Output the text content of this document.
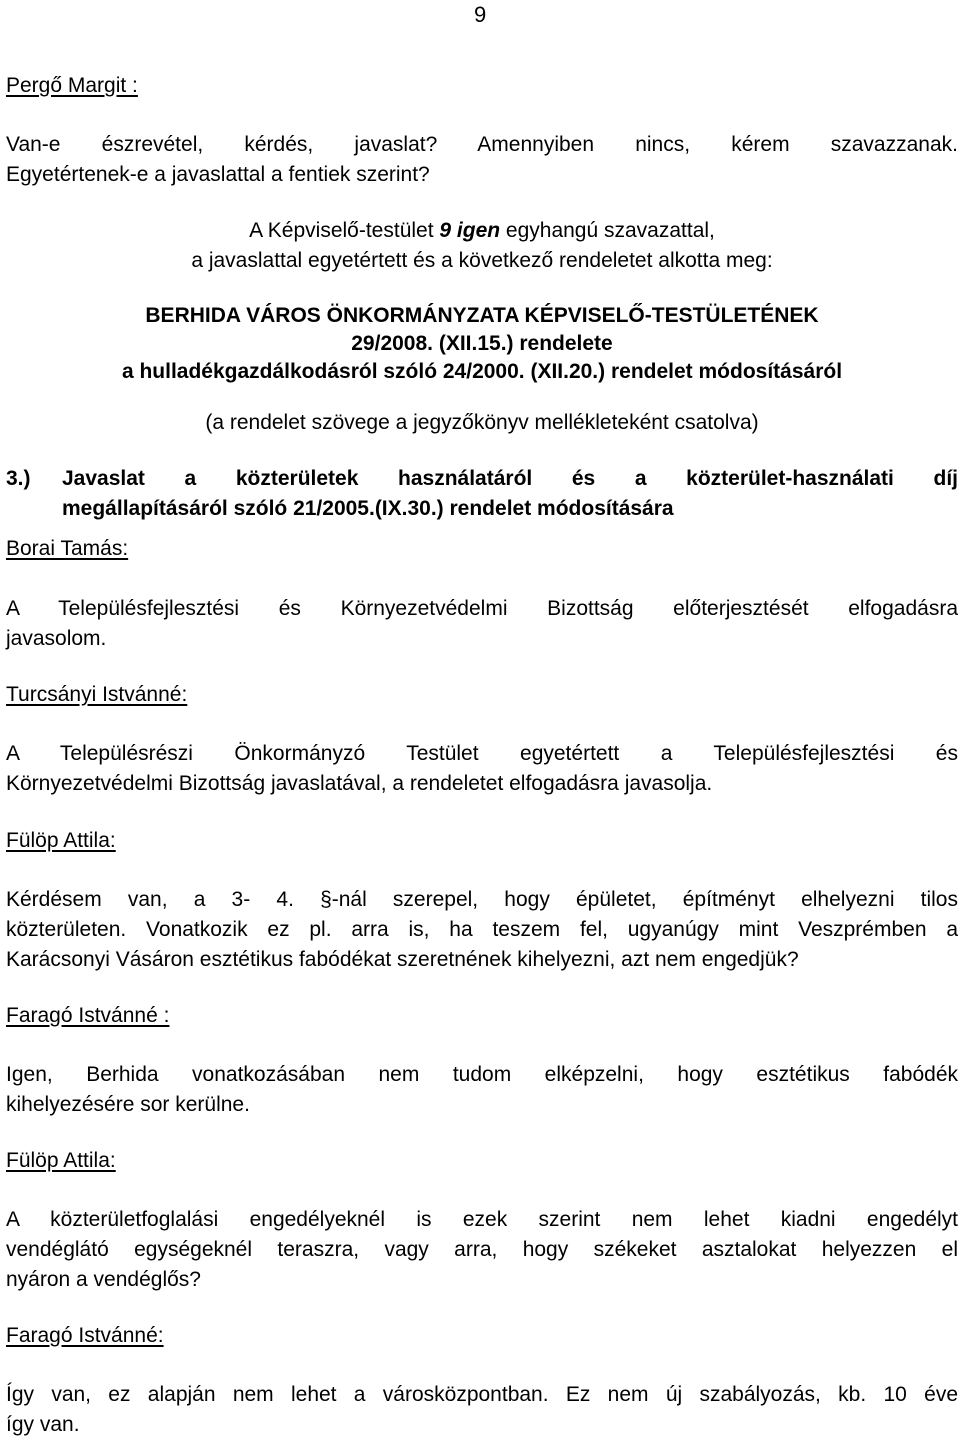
9
Pergő Margit :
Van-e észrevétel, kérdés, javaslat? Amennyiben nincs, kérem szavazzanak.
Egyetértenek-e a javaslattal a fentiek szerint?
A Képviselő-testület 9 igen egyhangú szavazattal,
a javaslattal egyetértett és a következő rendeletet alkotta meg:
BERHIDA VÁROS ÖNKORMÁNYZATA KÉPVISELŐ-TESTÜLETÉNEK
29/2008. (XII.15.) rendelete
a hulladékgazdálkodásról szóló 24/2000. (XII.20.) rendelet módosításáról
(a rendelet szövege a jegyzőkönyv mellékleteként csatolva)
3.) Javaslat a közterületek használatáról és a közterület-használati díj
megállapításáról szóló 21/2005.(IX.30.) rendelet módosítására
Borai Tamás:
A Településfejlesztési és Környezetvédelmi Bizottság előterjesztését elfogadásra
javasolom.
Turcsányi Istvánné:
A Településrészi Önkormányzó Testület egyetértett a Településfejlesztési és
Környezetvédelmi Bizottság javaslatával, a rendeletet elfogadásra javasolja.
Fülöp Attila:
Kérdésem van, a 3- 4. §-nál szerepel, hogy épületet, építményt elhelyezni tilos
közterületen. Vonatkozik ez pl. arra is, ha teszem fel, ugyanúgy mint Veszprémben a
Karácsonyi Vásáron esztétikus fabódékat szeretnének kihelyezni, azt nem engedjük?
Faragó Istvánné :
Igen, Berhida vonatkozásában nem tudom elképzelni, hogy esztétikus fabódék
kihelyezésére sor kerülne.
Fülöp Attila:
A közterületfoglalási engedélyeknél is ezek szerint nem lehet kiadni engedélyt
vendéglátó egységeknél teraszra, vagy arra, hogy székeket asztalokat helyezzen el
nyáron a vendéglős?
Faragó Istvánné:
Így van, ez alapján nem lehet a városközpontban. Ez nem új szabályozás, kb. 10 éve
így van.
